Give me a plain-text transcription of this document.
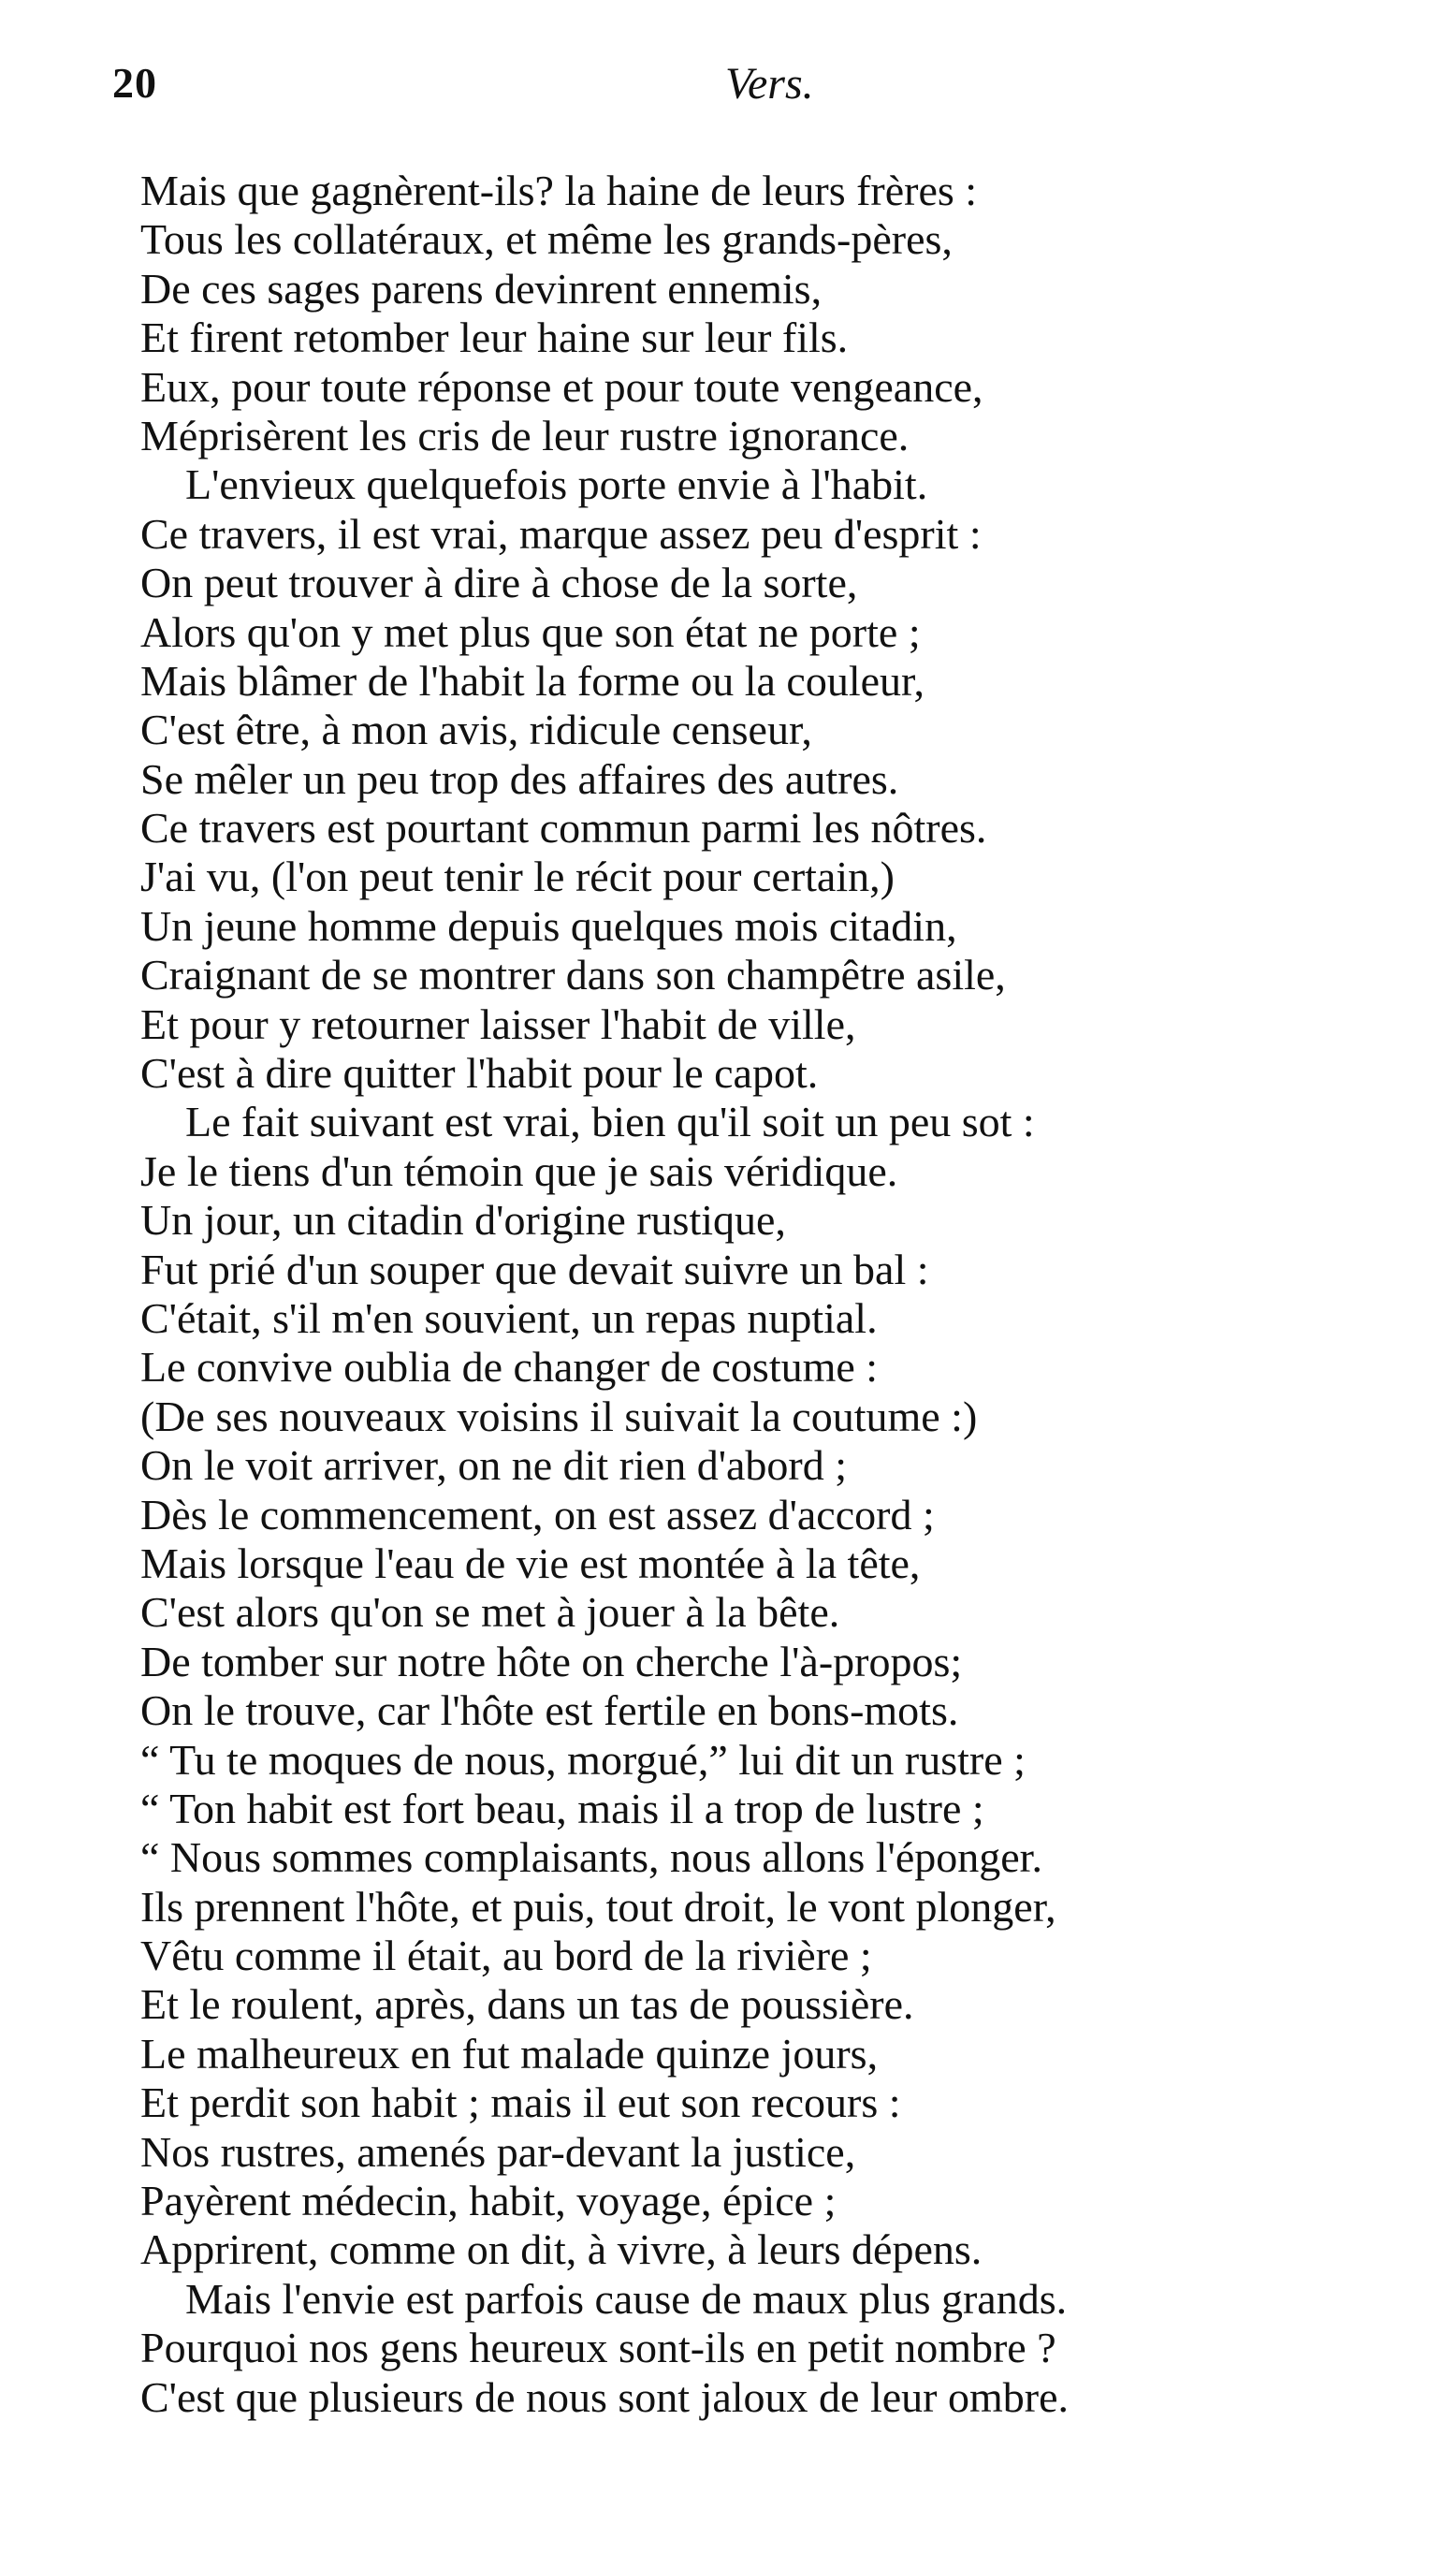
20	Vers.
Mais que gagnèrent-ils? la haine de leurs frères :
Tous les collatéraux, et même les grands-pères,
De ces sages parens devinrent ennemis,
Et firent retomber leur haine sur leur fils.
Eux, pour toute réponse et pour toute vengeance,
Méprisèrent les cris de leur rustre ignorance.
L'envieux quelquefois porte envie à l'habit.
Ce travers, il est vrai, marque assez peu d'esprit :
On peut trouver à dire à chose de la sorte,
Alors qu'on y met plus que son état ne porte ;
Mais blâmer de l'habit la forme ou la couleur,
C'est être, à mon avis, ridicule censeur,
Se mêler un peu trop des affaires des autres.
Ce travers est pourtant commun parmi les nôtres.
J'ai vu, (l'on peut tenir le récit pour certain,)
Un jeune homme depuis quelques mois citadin,
Craignant de se montrer dans son champêtre asile,
Et pour y retourner laisser l'habit de ville,
C'est à dire quitter l'habit pour le capot.
Le fait suivant est vrai, bien qu'il soit un peu sot :
Je le tiens d'un témoin que je sais véridique.
Un jour, un citadin d'origine rustique,
Fut prié d'un souper que devait suivre un bal :
C'était, s'il m'en souvient, un repas nuptial.
Le convive oublia de changer de costume :
(De ses nouveaux voisins il suivait la coutume :)
On le voit arriver, on ne dit rien d'abord ;
Dès le commencement, on est assez d'accord ;
Mais lorsque l'eau de vie est montée à la tête,
C'est alors qu'on se met à jouer à la bête.
De tomber sur notre hôte on cherche l'à-propos;
On le trouve, car l'hôte est fertile en bons-mots.
“ Tu te moques de nous, morgué,” lui dit un rustre ;
“ Ton habit est fort beau, mais il a trop de lustre ;
“ Nous sommes complaisants, nous allons l'éponger.
Ils prennent l'hôte, et puis, tout droit, le vont plonger,
Vêtu comme il était, au bord de la rivière ;
Et le roulent, après, dans un tas de poussière.
Le malheureux en fut malade quinze jours,
Et perdit son habit ; mais il eut son recours :
Nos rustres, amenés par-devant la justice,
Payèrent médecin, habit, voyage, épice ;
Apprirent, comme on dit, à vivre, à leurs dépens.
Mais l'envie est parfois cause de maux plus grands.
Pourquoi nos gens heureux sont-ils en petit nombre ?
C'est que plusieurs de nous sont jaloux de leur ombre.
